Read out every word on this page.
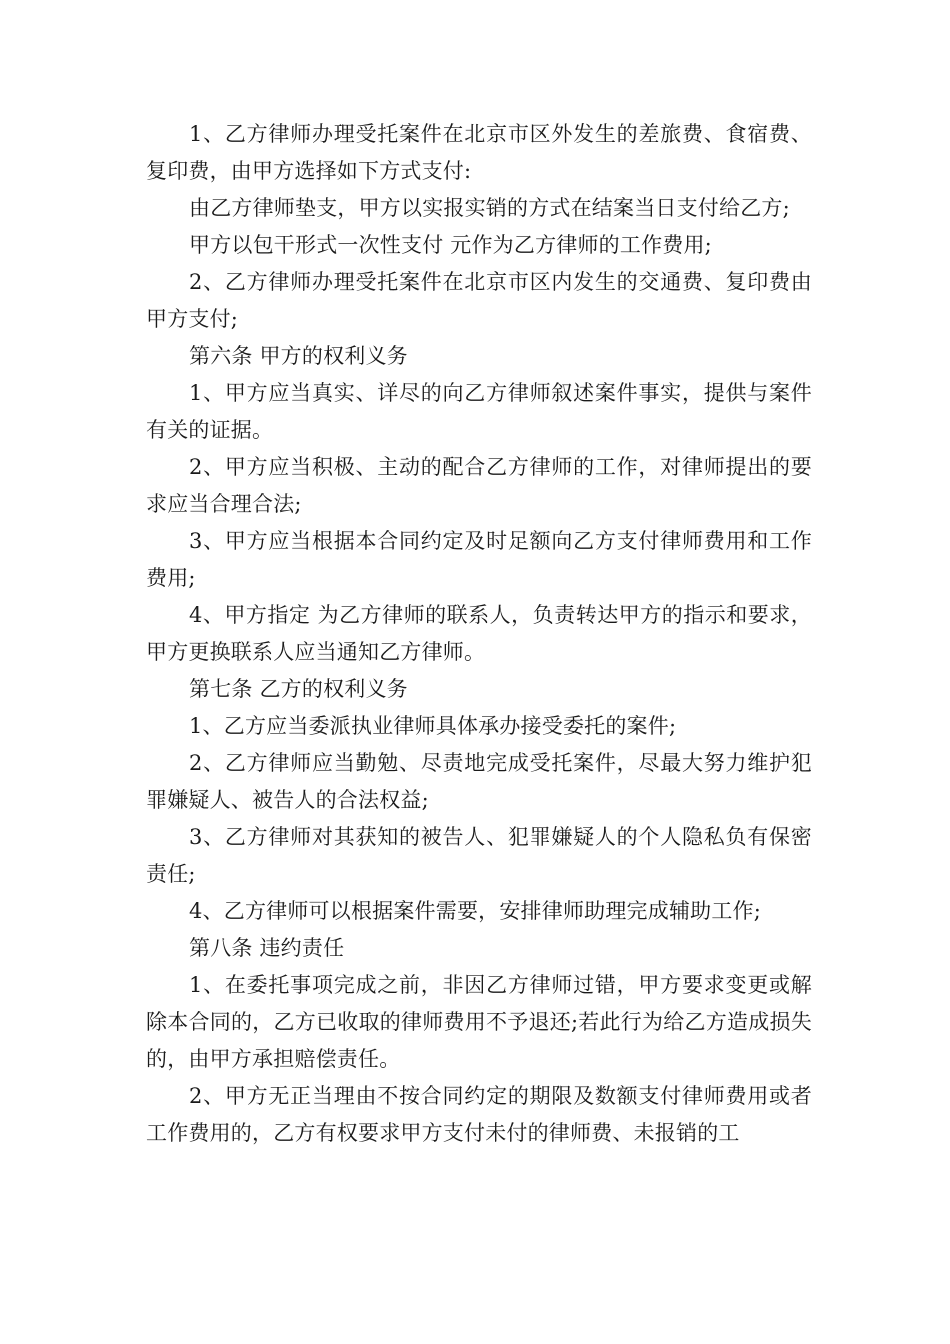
1、乙方律师办理受托案件在北京市区外发生的差旅费、食宿费、复印费，由甲方选择如下方式支付:

由乙方律师垫支，甲方以实报实销的方式在结案当日支付给乙方;

甲方以包干形式一次性支付 元作为乙方律师的工作费用;

2、乙方律师办理受托案件在北京市区内发生的交通费、复印费由甲方支付;

第六条 甲方的权利义务

1、甲方应当真实、详尽的向乙方律师叙述案件事实，提供与案件有关的证据。

2、甲方应当积极、主动的配合乙方律师的工作，对律师提出的要求应当合理合法;

3、甲方应当根据本合同约定及时足额向乙方支付律师费用和工作费用;

4、甲方指定 为乙方律师的联系人，负责转达甲方的指示和要求，甲方更换联系人应当通知乙方律师。

第七条 乙方的权利义务

1、乙方应当委派执业律师具体承办接受委托的案件;

2、乙方律师应当勤勉、尽责地完成受托案件，尽最大努力维护犯罪嫌疑人、被告人的合法权益;

3、乙方律师对其获知的被告人、犯罪嫌疑人的个人隐私负有保密责任;

4、乙方律师可以根据案件需要，安排律师助理完成辅助工作;

第八条 违约责任

1、在委托事项完成之前，非因乙方律师过错，甲方要求变更或解除本合同的，乙方已收取的律师费用不予退还;若此行为给乙方造成损失的，由甲方承担赔偿责任。

2、甲方无正当理由不按合同约定的期限及数额支付律师费用或者工作费用的，乙方有权要求甲方支付未付的律师费、未报销的工
